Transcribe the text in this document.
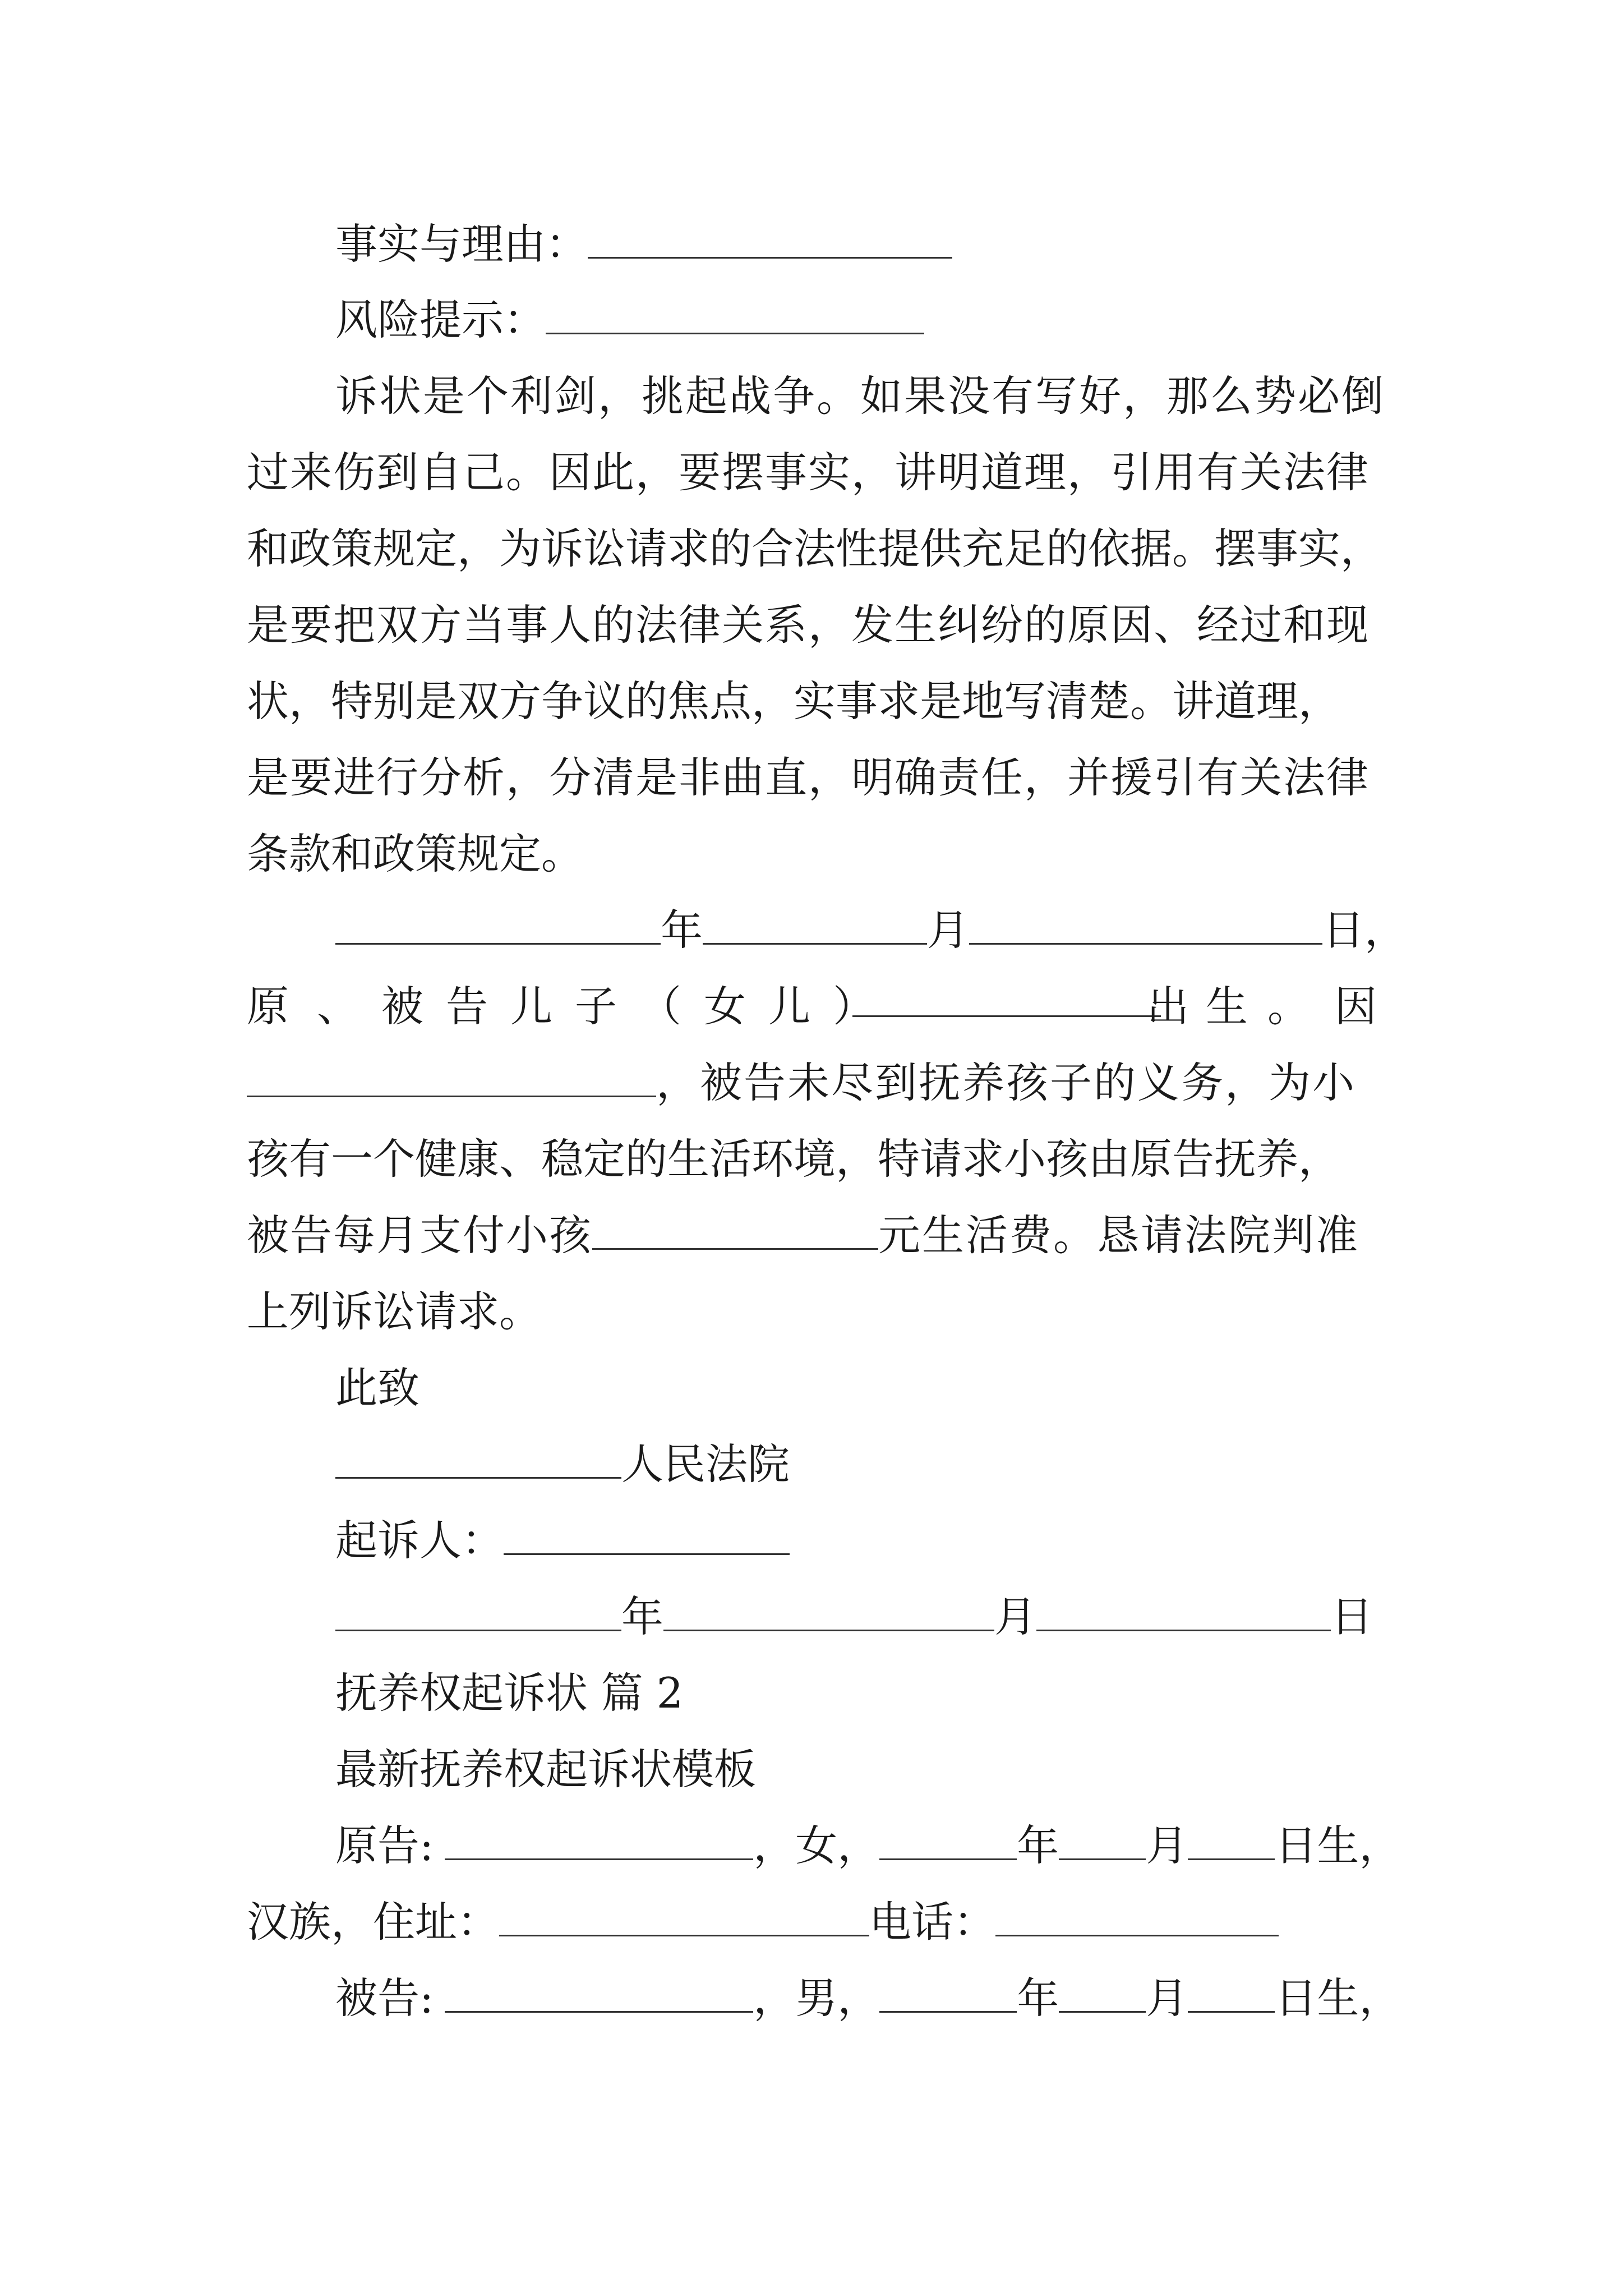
事实与理由：
风险提示：
诉状是个利剑，挑起战争。如果没有写好，那么势必倒
过来伤到自己。因此，要摆事实，讲明道理，引用有关法律
和政策规定，为诉讼请求的合法性提供充足的依据。摆事实，
是要把双方当事人的法律关系，发生纠纷的原因、经过和现
状，特别是双方争议的焦点，实事求是地写清楚。讲道理，
是要进行分析，分清是非曲直，明确责任，并援引有关法律
条款和政策规定。
年	月	日，
原 、 被 告 儿 子 （ 女 儿 ）	出 生 。 因
，被告未尽到抚养孩子的义务，为小
孩有一个健康、稳定的生活环境，特请求小孩由原告抚养，
被告每月支付小孩	元生活费。恳请法院判准
上列诉讼请求。
此致
人民法院
起诉人：
年	月	日
抚养权起诉状 篇 2
最新抚养权起诉状模板
原告:	，女，	年 月 日生，
汉族，住址：	电话：
被告:	，男，	年 月 日生，
